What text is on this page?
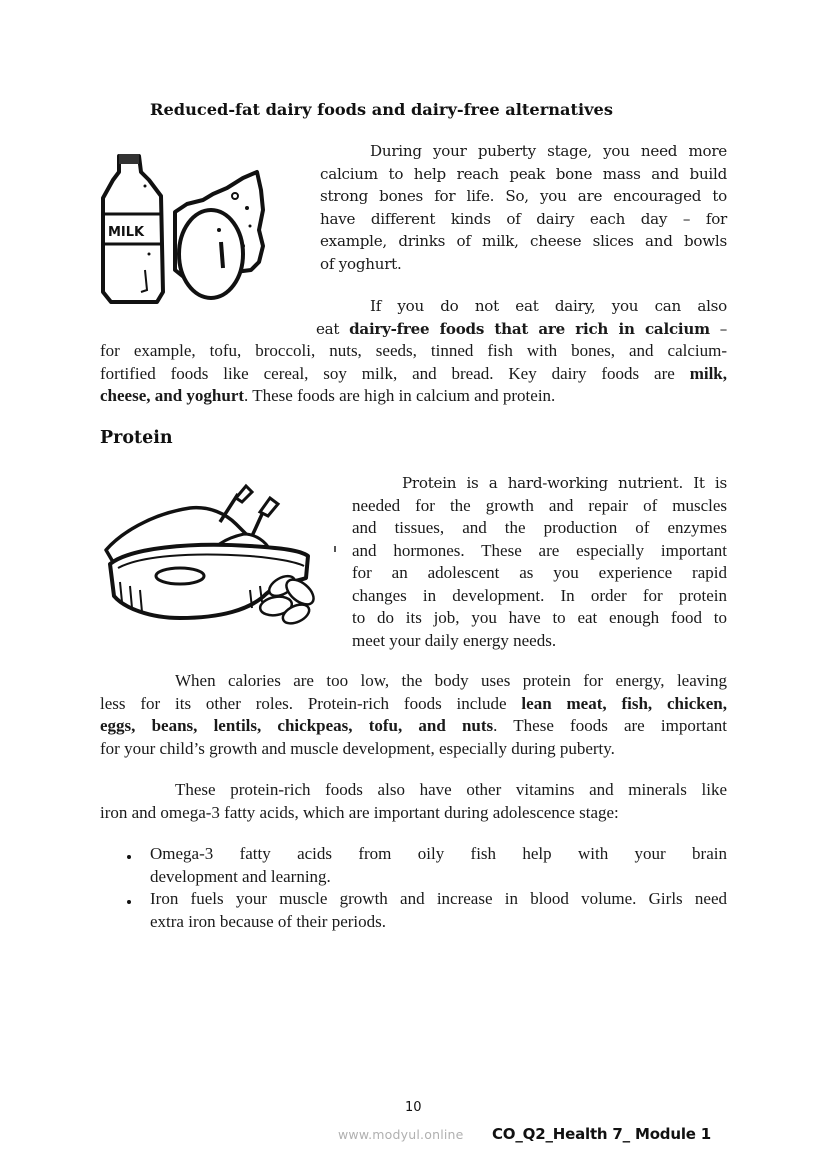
Reduced-fat dairy foods and dairy-free alternatives
MILK
During your puberty stage, you need more
calcium to help reach peak bone mass and build
strong bones for life. So, you are encouraged to
have different kinds of dairy each day – for
example, drinks of milk, cheese slices and bowls
of yoghurt.
If you do not eat dairy, you can also
eat dairy-free foods that are rich in calcium –
for example, tofu, broccoli, nuts, seeds, tinned fish with bones, and calcium-
fortified foods like cereal, soy milk, and bread. Key dairy foods are milk,
cheese, and yoghurt. These foods are high in calcium and protein.
Protein
Protein is a hard-working nutrient. It is
needed for the growth and repair of muscles
and tissues, and the production of enzymes
and hormones. These are especially important
for an adolescent as you experience rapid
changes in development. In order for protein
to do its job, you have to eat enough food to
meet your daily energy needs.
When calories are too low, the body uses protein for energy, leaving
less for its other roles. Protein-rich foods include lean meat, fish, chicken,
eggs, beans, lentils, chickpeas, tofu, and nuts. These foods are important
for your child’s growth and muscle development, especially during puberty.
These protein-rich foods also have other vitamins and minerals like
iron and omega-3 fatty acids, which are important during adolescence stage:
Omega-3 fatty acids from oily fish help with your brain
development and learning.
Iron fuels your muscle growth and increase in blood volume. Girls need
extra iron because of their periods.
10
www.modyul.online CO_Q2_Health 7_ Module 1
